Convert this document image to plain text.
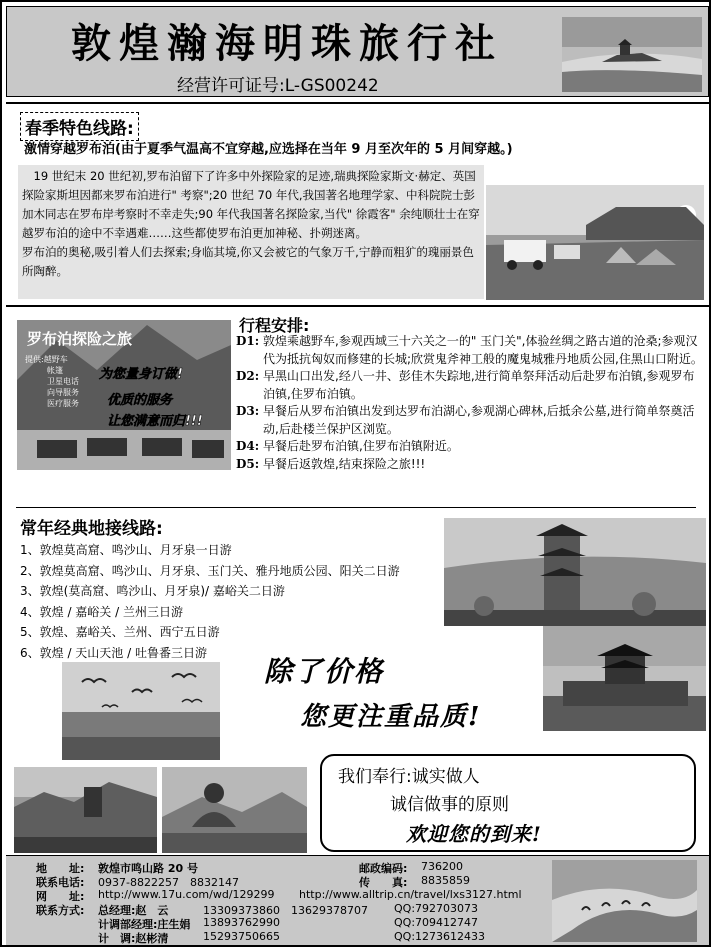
敦煌瀚海明珠旅行社
经营许可证号:L-GS00242
春季特色线路:
激情穿越罗布泊(由于夏季气温高不宜穿越,应选择在当年 9 月至次年的 5 月间穿越。)

　19 世纪末 20 世纪初,罗布泊留下了许多中外探险家的足迹,瑞典探险家斯文·赫定、英国探险家斯坦因都来罗布泊进行" 考察";20 世纪 70 年代,我国著名地理学家、中科院院士彭加木同志在罗布岸考察时不幸走失;90 年代我国著名探险家,当代" 徐霞客" 余纯顺壮士在穿越罗布泊的途中不幸遇难……这些都使罗布泊更加神秘、扑朔迷离。

罗布泊的奥秘,吸引着人们去探索;身临其境,你又会被它的气象万千,宁静而粗犷的瑰丽景色所陶醉。

罗布泊探险之旅
提供:越野车
帐篷
卫星电话
向导服务
医疗服务
为您量身订做!
优质的服务
让您满意而归!!!
行程安排:
D1: 敦煌乘越野车,参观西域三十六关之一的" 玉门关",体验丝绸之路古道的沧桑;参观汉代为抵抗匈奴而修建的长城;欣赏鬼斧神工般的魔鬼城雅丹地质公园,住黑山口附近。
D2: 早黑山口出发,经八一井、彭佳木失踪地,进行简单祭拜活动后赴罗布泊镇,参观罗布泊镇,住罗布泊镇。
D3: 早餐后从罗布泊镇出发到达罗布泊湖心,参观湖心碑林,后抵余公墓,进行简单祭奠活动,后赴楼兰保护区浏览。
D4: 早餐后赴罗布泊镇,住罗布泊镇附近。
D5: 早餐后返敦煌,结束探险之旅!!!
常年经典地接线路:
1、敦煌莫高窟、鸣沙山、月牙泉一日游
2、敦煌莫高窟、鸣沙山、月牙泉、玉门关、雅丹地质公园、阳关二日游
3、敦煌(莫高窟、鸣沙山、月牙泉)/ 嘉峪关二日游
4、敦煌 / 嘉峪关 / 兰州三日游
5、敦煌、嘉峪关、兰州、西宁五日游
6、敦煌 / 天山天池 / 吐鲁番三日游
除了价格
您更注重品质!
我们奉行:诚实做人
诚信做事的原则
欢迎您的到来!
地　　址: 敦煌市鸣山路 20 号	邮政编码: 736200
联系电话: 0937-8822257　8832147	传　　真: 8835859
网　　址: http://www.17u.com/wd/129299 http://www.alltrip.cn/travel/lxs3127.html
联系方式: 总经理:赵　云	13309373860　13629378707 QQ:792703073
计调部经理:庄生娟 13893762990	QQ:709412747
计　调:赵彬清	15293750665	QQ:1273612433
